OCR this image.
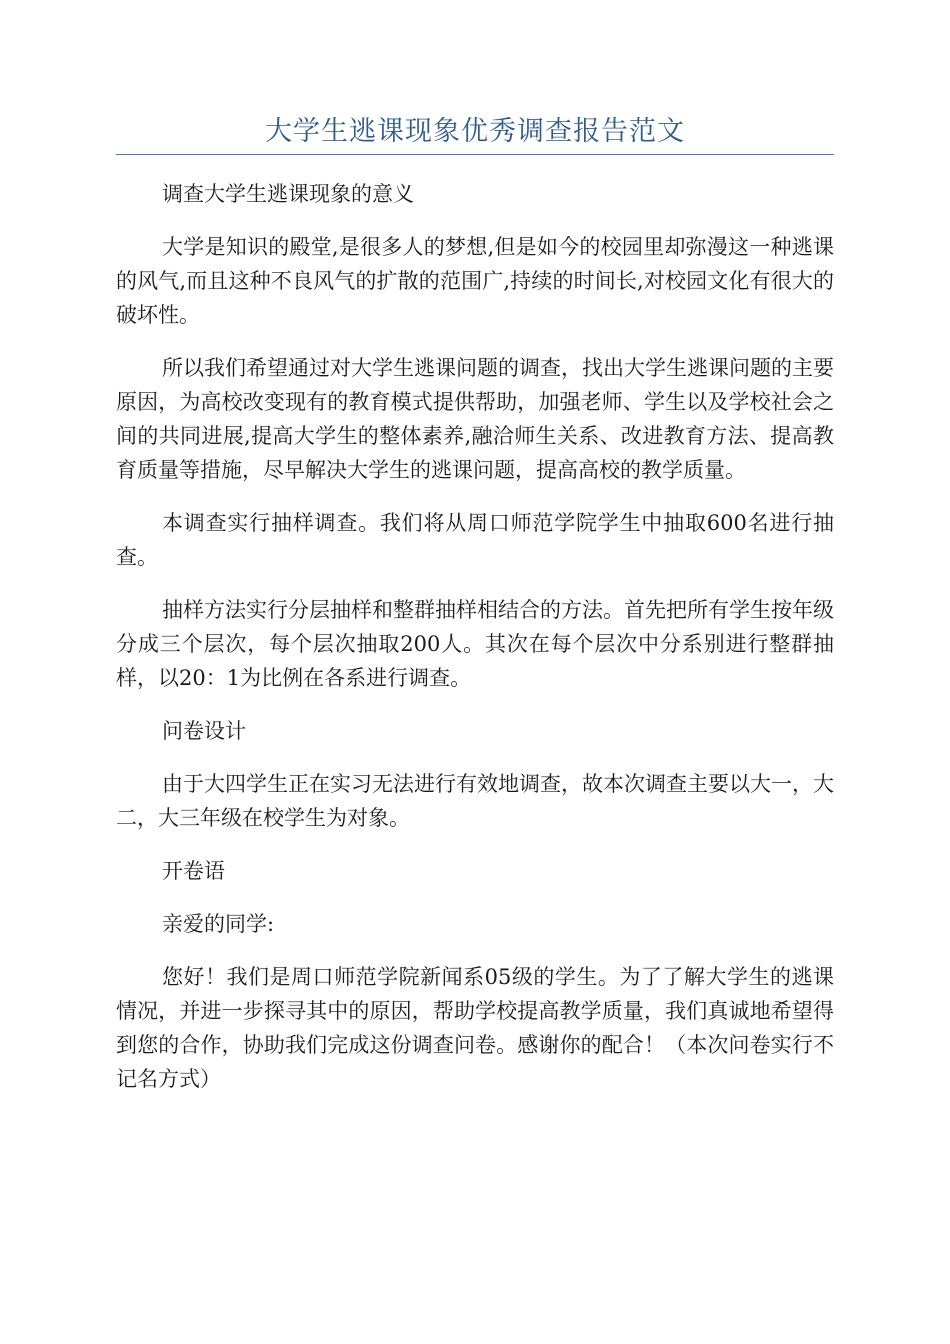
大学生逃课现象优秀调查报告范文

调查大学生逃课现象的意义

大学是知识的殿堂,是很多人的梦想,但是如今的校园里却弥漫这一种逃课的风气,而且这种不良风气的扩散的范围广,持续的时间长,对校园文化有很大的破坏性。

所以我们希望通过对大学生逃课问题的调查，找出大学生逃课问题的主要原因，为高校改变现有的教育模式提供帮助，加强老师、学生以及学校社会之间的共同进展,提高大学生的整体素养,融洽师生关系、改进教育方法、提高教育质量等措施，尽早解决大学生的逃课问题，提高高校的教学质量。

本调查实行抽样调查。我们将从周口师范学院学生中抽取600名进行抽查。

抽样方法实行分层抽样和整群抽样相结合的方法。首先把所有学生按年级分成三个层次，每个层次抽取200人。其次在每个层次中分系别进行整群抽样，以20：1为比例在各系进行调查。

问卷设计

由于大四学生正在实习无法进行有效地调查，故本次调查主要以大一，大二，大三年级在校学生为对象。

开卷语

亲爱的同学:

您好！我们是周口师范学院新闻系05级的学生。为了了解大学生的逃课情况，并进一步探寻其中的原因，帮助学校提高教学质量，我们真诚地希望得到您的合作，协助我们完成这份调查问卷。感谢你的配合！（本次问卷实行不记名方式）
